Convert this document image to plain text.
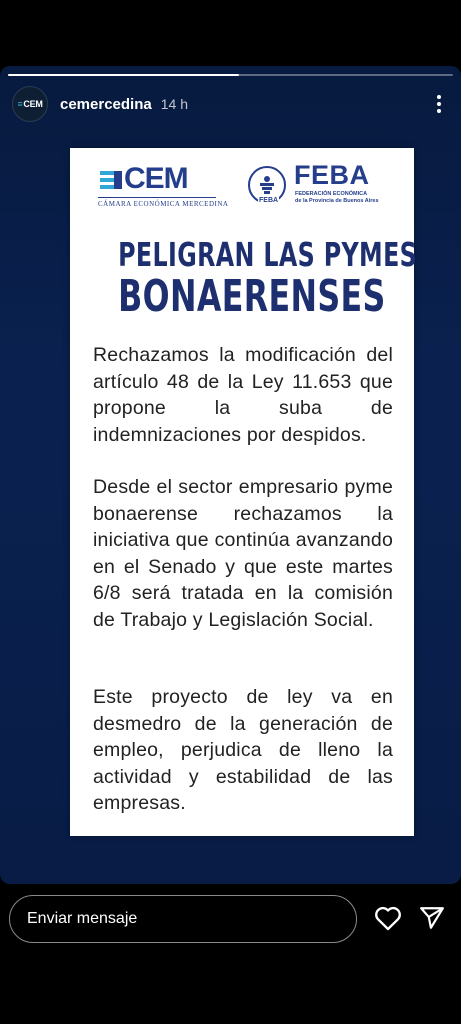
≡ CEM cemercedina 14 h
CEM
CÁMARA ECONÓMICA MERCEDINA	FEBA
FEBA
FEDERACIÓN ECONÓMICA
de la Provincia de Buenos Aires
PELIGRAN LAS PYMES
BONAERENSES
Rechazamos la modificación del artículo 48 de la Ley 11.653 que propone la suba de indemnizaciones por despidos.
Desde el sector empresario pyme bonaerense rechazamos la iniciativa que continúa avanzando en el Senado y que este martes 6/8 será tratada en la comisión de Trabajo y Legislación Social.
Este proyecto de ley va en desmedro de la generación de empleo, perjudica de lleno la actividad y estabilidad de las empresas.
Enviar mensaje
